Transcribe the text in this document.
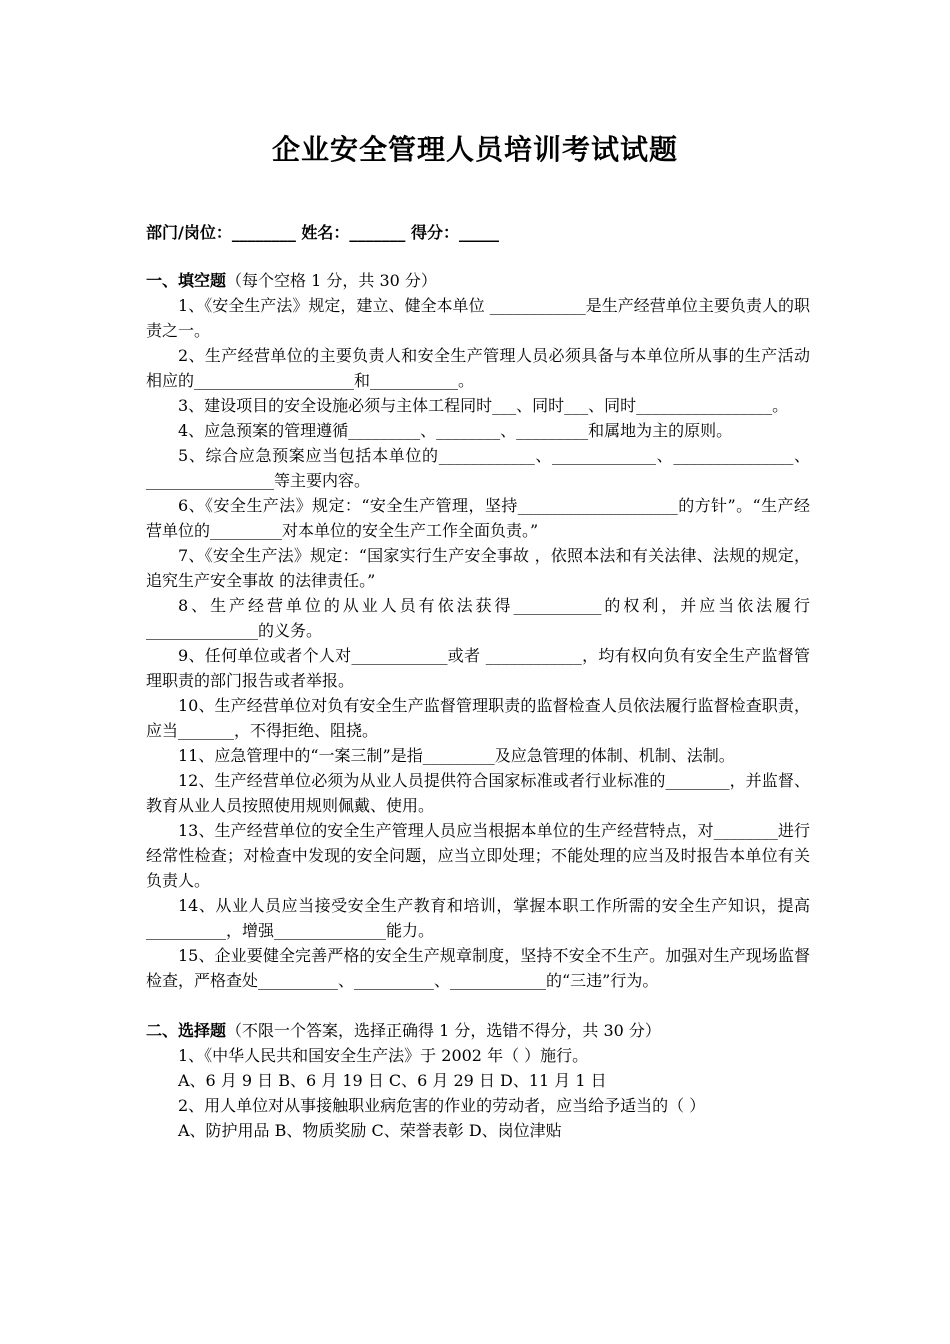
企业安全管理人员培训考试试题
部门/岗位：________ 姓名：_______ 得分：_____
一、填空题（每个空格 1 分，共 30 分）

1、《安全生产法》规定，建立、健全本单位 ____________是生产经营单位主要负责人的职责之一。

2、生产经营单位的主要负责人和安全生产管理人员必须具备与本单位所从事的生产活动相应的____________________和___________。

3、建设项目的安全设施必须与主体工程同时___、同时___、同时_________________。

4、应急预案的管理遵循_________、________、_________和属地为主的原则。

5、综合应急预案应当包括本单位的____________、_____________、_______________、________________等主要内容。

6、《安全生产法》规定：“安全生产管理，坚持____________________的方针”。“生产经营单位的_________对本单位的安全生产工作全面负责。”

7、《安全生产法》规定：“国家实行生产安全事故 ，依照本法和有关法律、法规的规定，追究生产安全事故 的法律责任。”

8、生产经营单位的从业人员有依法获得___________的权利，并应当依法履行______________的义务。

9、任何单位或者个人对____________或者 ____________，均有权向负有安全生产监督管理职责的部门报告或者举报。

10、生产经营单位对负有安全生产监督管理职责的监督检查人员依法履行监督检查职责，应当_______，不得拒绝、阻挠。

11、应急管理中的“一案三制”是指_________及应急管理的体制、机制、法制。

12、生产经营单位必须为从业人员提供符合国家标准或者行业标准的________，并监督、教育从业人员按照使用规则佩戴、使用。

13、生产经营单位的安全生产管理人员应当根据本单位的生产经营特点，对________进行经常性检查；对检查中发现的安全问题，应当立即处理；不能处理的应当及时报告本单位有关负责人。

14、从业人员应当接受安全生产教育和培训，掌握本职工作所需的安全生产知识，提高__________，增强______________能力。

15、企业要健全完善严格的安全生产规章制度，坚持不安全不生产。加强对生产现场监督检查，严格查处__________、__________、____________的“三违”行为。

二、选择题（不限一个答案，选择正确得 1 分，选错不得分，共 30 分）

1、《中华人民共和国安全生产法》于 2002 年（ ）施行。

A、6 月 9 日 B、6 月 19 日 C、6 月 29 日 D、11 月 1 日

2、用人单位对从事接触职业病危害的作业的劳动者，应当给予适当的（ ）

A、防护用品 B、物质奖励 C、荣誉表彰 D、岗位津贴
